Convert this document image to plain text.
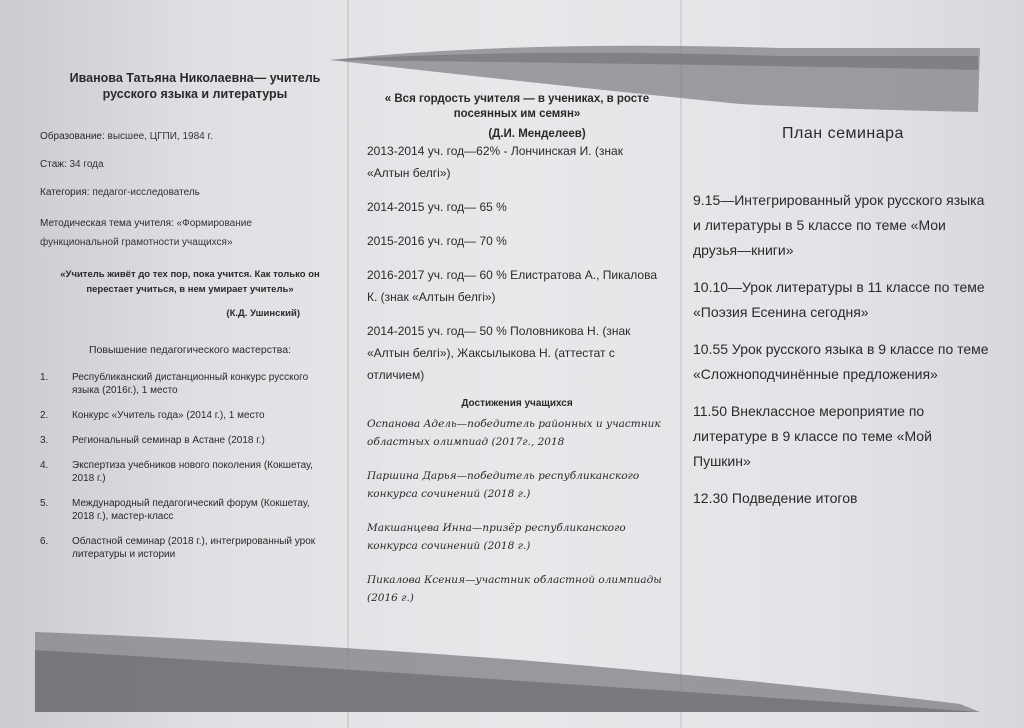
Иванова Татьяна Николаевна— учитель русского языка и литературы
Образование: высшее, ЦГПИ, 1984 г.
Стаж: 34 года
Категория: педагог-исследователь
Методическая тема учителя: «Формирование функциональной грамотности учащихся»
«Учитель живёт до тех пор, пока учится. Как только он перестает учиться, в нем умирает учитель»
(К.Д. Ушинский)
Повышение педагогического мастерства:
1.	Республиканский дистанционный конкурс русского языка (2016г.), 1 место
2.	Конкурс «Учитель года» (2014 г.), 1 место
3.	Региональный семинар в Астане (2018 г.)
4.	Экспертиза учебников нового поколения (Кокшетау, 2018 г.)
5.	Международный педагогический форум (Кокшетау, 2018 г.), мастер-класс
6.	Областной семинар (2018 г.), интегрированный урок литературы и истории
« Вся гордость учителя — в учениках, в росте посеянных им семян»
(Д.И. Менделеев)
2013-2014 уч. год—62% - Лончинская И. (знак «Алтын белгі»)
2014-2015 уч. год— 65 %
2015-2016 уч. год— 70 %
2016-2017 уч. год— 60 % Елистратова А., Пикалова К. (знак «Алтын белгі»)
2014-2015 уч. год— 50 % Половникова Н. (знак «Алтын белгі»), Жаксылыкова Н. (аттестат с отличием)
Достижения учащихся
Оспанова Адель—победитель районных и участник областных олимпиад (2017г., 2018
Паршина Дарья—победитель республиканского конкурса сочинений (2018 г.)
Макшанцева Инна—призёр республиканского конкурса сочинений (2018 г.)
Пикалова Ксения—участник областной олимпиады (2016 г.)
План семинара
9.15—Интегрированный урок русского языка и литературы в 5 классе по теме «Мои друзья—книги»
10.10—Урок литературы в 11 классе по теме «Поэзия Есенина сегодня»
10.55 Урок русского языка в 9 классе по теме «Сложноподчинённые предложения»
11.50 Внеклассное мероприятие по литературе в 9 классе по теме «Мой Пушкин»
12.30 Подведение итогов
